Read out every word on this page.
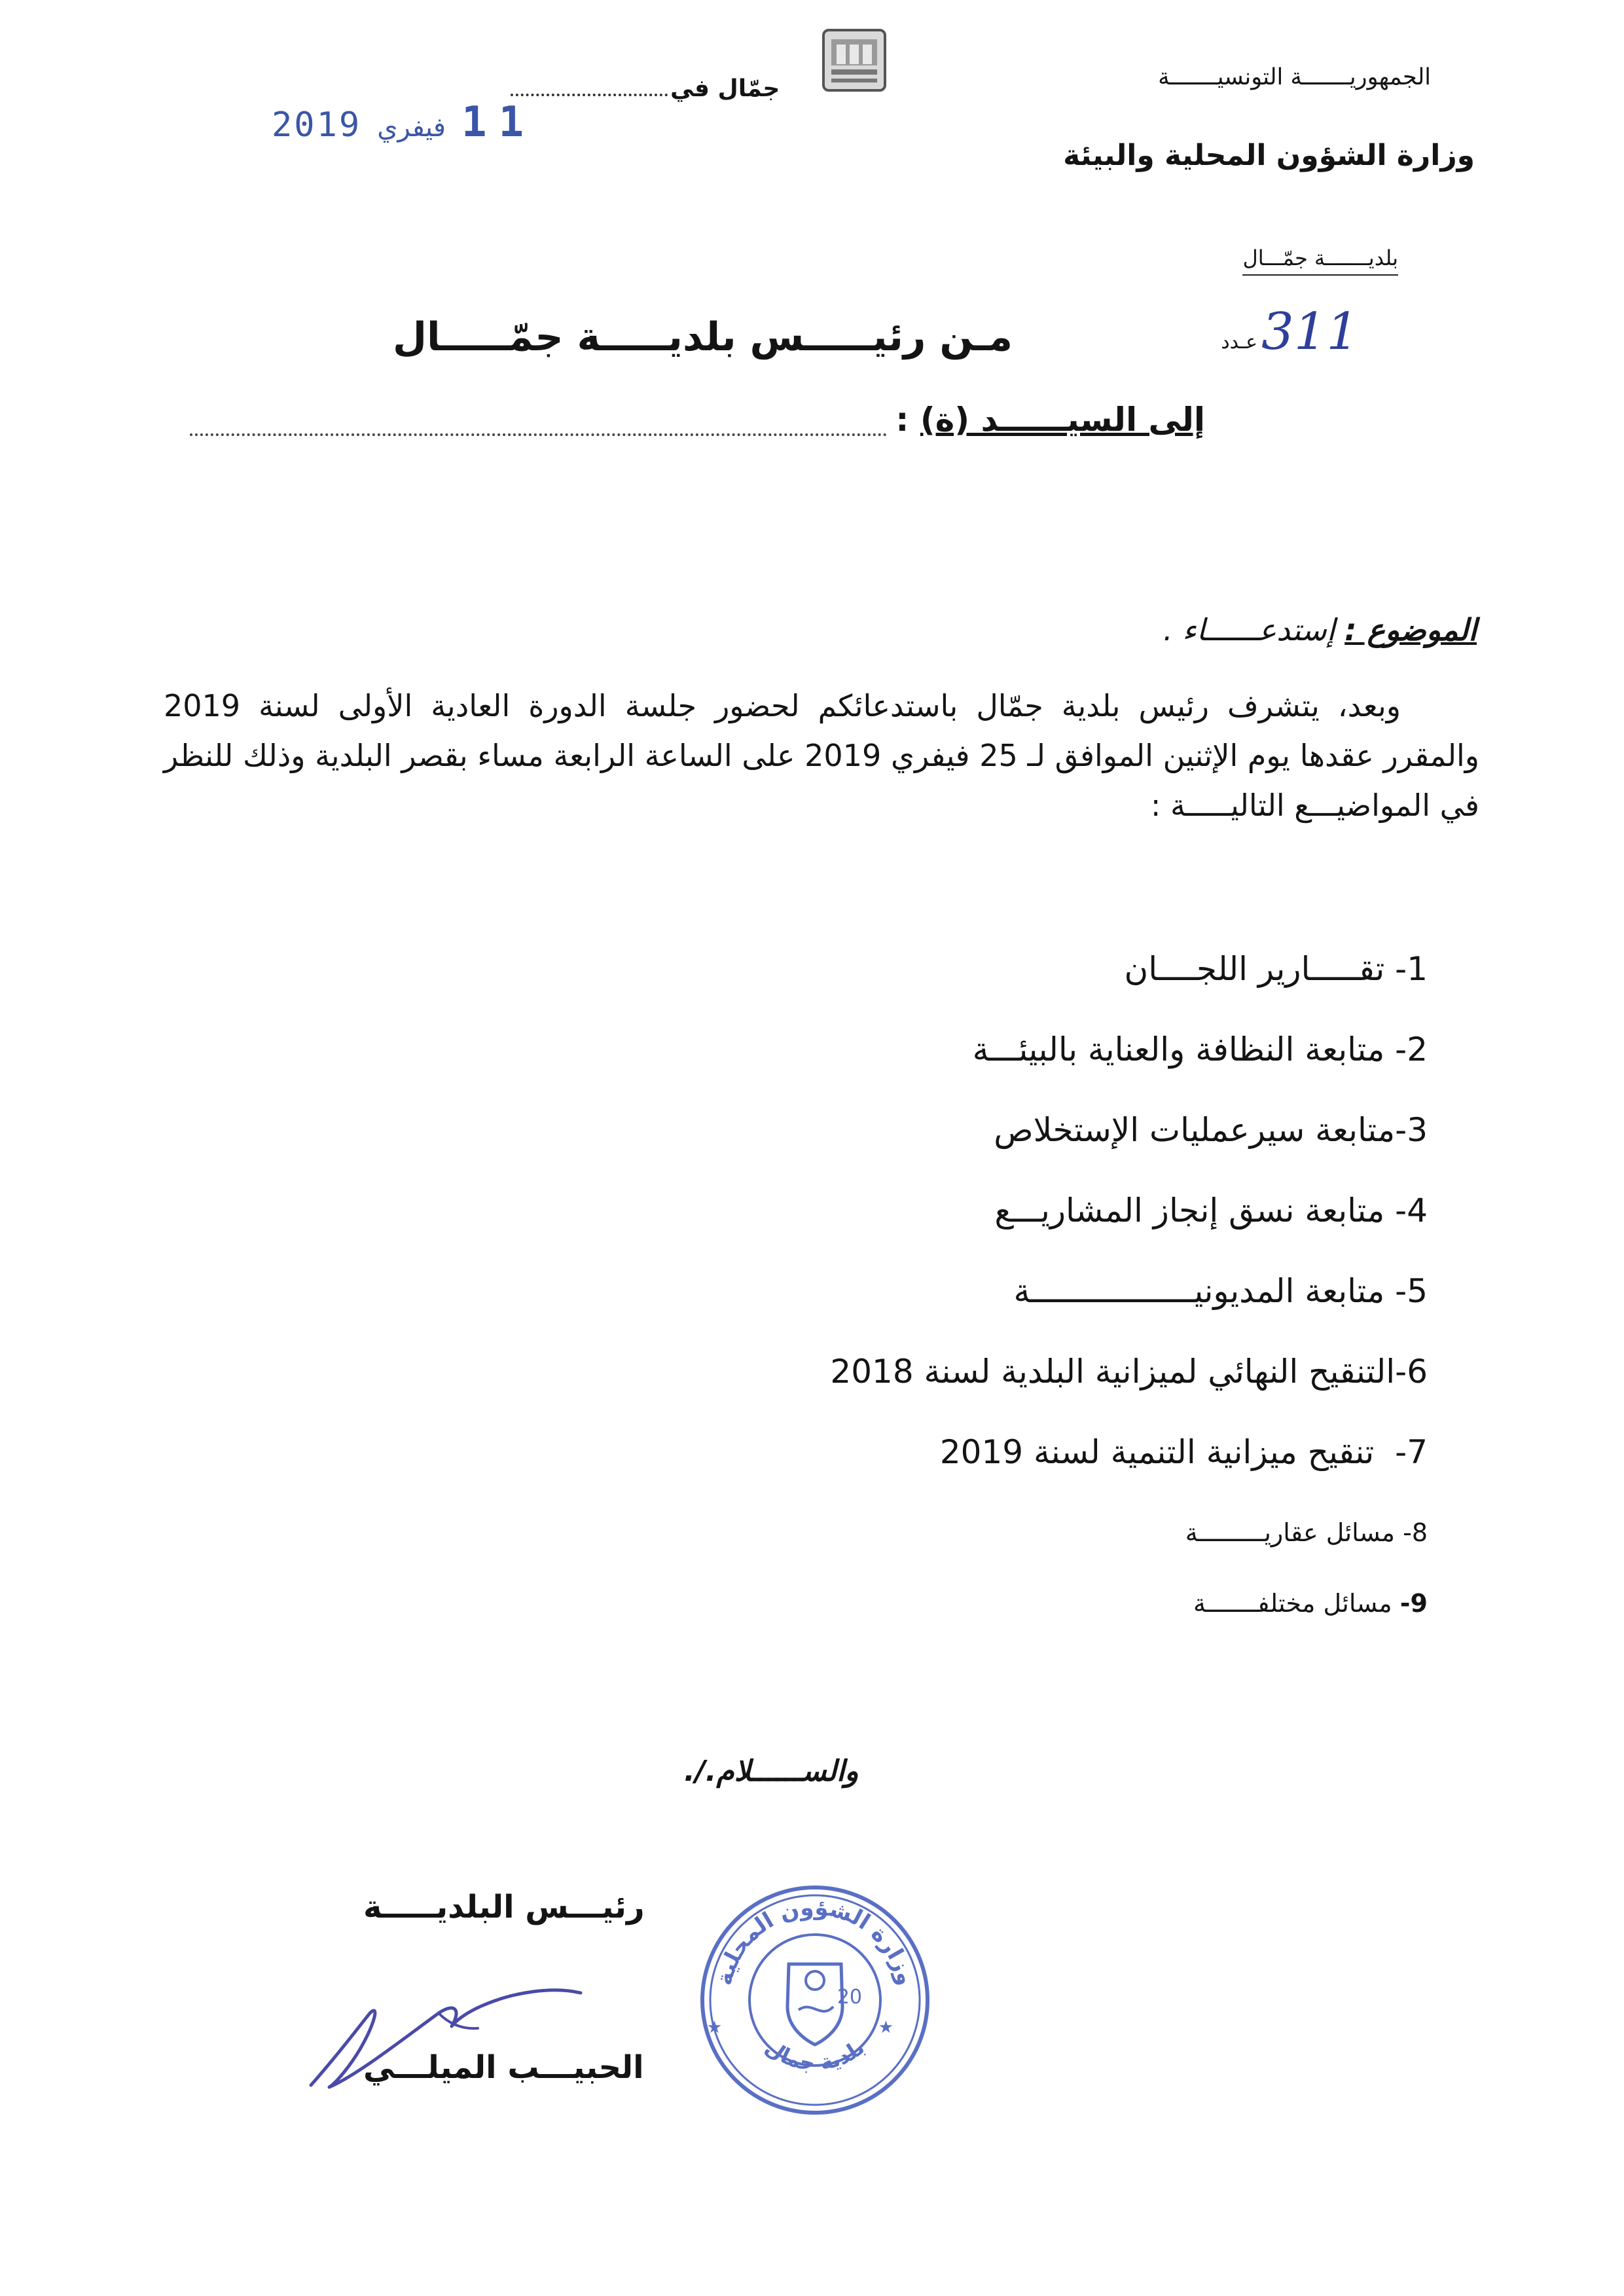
الجمهوريـــــــة التونسيـــــــة
وزارة الشؤون المحلية والبيئة
بلديـــــــة جمّـــال
جمّال في
2019 فيفري 11
311
عـدد
مـن رئيـــــس بلديـــــة جمّـــــال
إلى السيــــــد (ة) :
الموضوع : إستدعــــــاء .
وبعد، يتشرف رئيس بلدية جمّال باستدعائكم لحضور جلسة الدورة العادية الأولى لسنة 2019 والمقرر عقدها يوم الإثنين الموافق لـ 25 فيفري 2019 على الساعة الرابعة مساء بقصر البلدية وذلك للنظر في المواضيـــع التاليـــــة :
1- تقـــــارير اللجــــان
2- متابعة النظافة والعناية بالبيئـــة
3-متابعة سيرعمليات الإستخلاص
4- متابعة نسق إنجاز المشاريـــع
5- متابعة المديونيـــــــــــــــــة
6-التنقيح النهائي لميزانية البلدية لسنة 2018
7-  تنقيح ميزانية التنمية لسنة 2019
8- مسائل عقاريـــــــــة
9- مسائل مختلفـــــــة
والســــــلام./.
رئيـــس البلديـــــة
الحبيـــب الميلـــي
وزارة الشؤون المحلية
بلدية جمال
20
★	★
